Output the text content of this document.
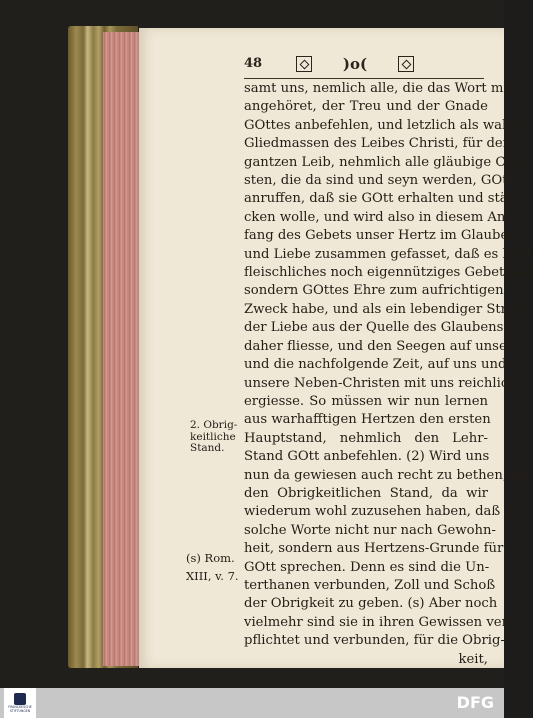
48	)o(
samt uns, nemlich alle, die das Wort mit
angehöret, der Treu und der Gnade
GOttes anbefehlen, und letzlich als wahre
Gliedmassen des Leibes Christi, für den
gantzen Leib, nehmlich alle gläubige Chri-
sten, die da sind und seyn werden, GOtt
anruffen, daß sie GOtt erhalten und stär-
cken wolle, und wird also in diesem An-
fang des Gebets unser Hertz im Glauben
und Liebe zusammen gefasset, daß es kein
fleischliches noch eigennütziges Gebet sey,
sondern GOttes Ehre zum aufrichtigen
Zweck habe, und als ein lebendiger Strom
der Liebe aus der Quelle des Glaubens
daher fliesse, und den Seegen auf unsere
und die nachfolgende Zeit, auf uns und
unsere Neben-Christen mit uns reichlich
ergiesse. So müssen wir nun lernen
aus warhafftigen Hertzen den ersten
Hauptstand, nehmlich den Lehr-
Stand GOtt anbefehlen. (2) Wird uns
nun da gewiesen auch recht zu bethen, für
den Obrigkeitlichen Stand, da wir
wiederum wohl zuzusehen haben, daß wir
solche Worte nicht nur nach Gewohn-
heit, sondern aus Hertzens-Grunde für
GOtt sprechen. Denn es sind die Un-
terthanen verbunden, Zoll und Schoß
der Obrigkeit zu geben. (s) Aber noch
vielmehr sind sie in ihren Gewissen ver-
pflichtet und verbunden, für die Obrig-
keit,
2. Obrig-
keitliche
Stand.
(s) Rom.
XIII, v. 7.
FRANCKESCHE
STIFTUNGEN	DFG
